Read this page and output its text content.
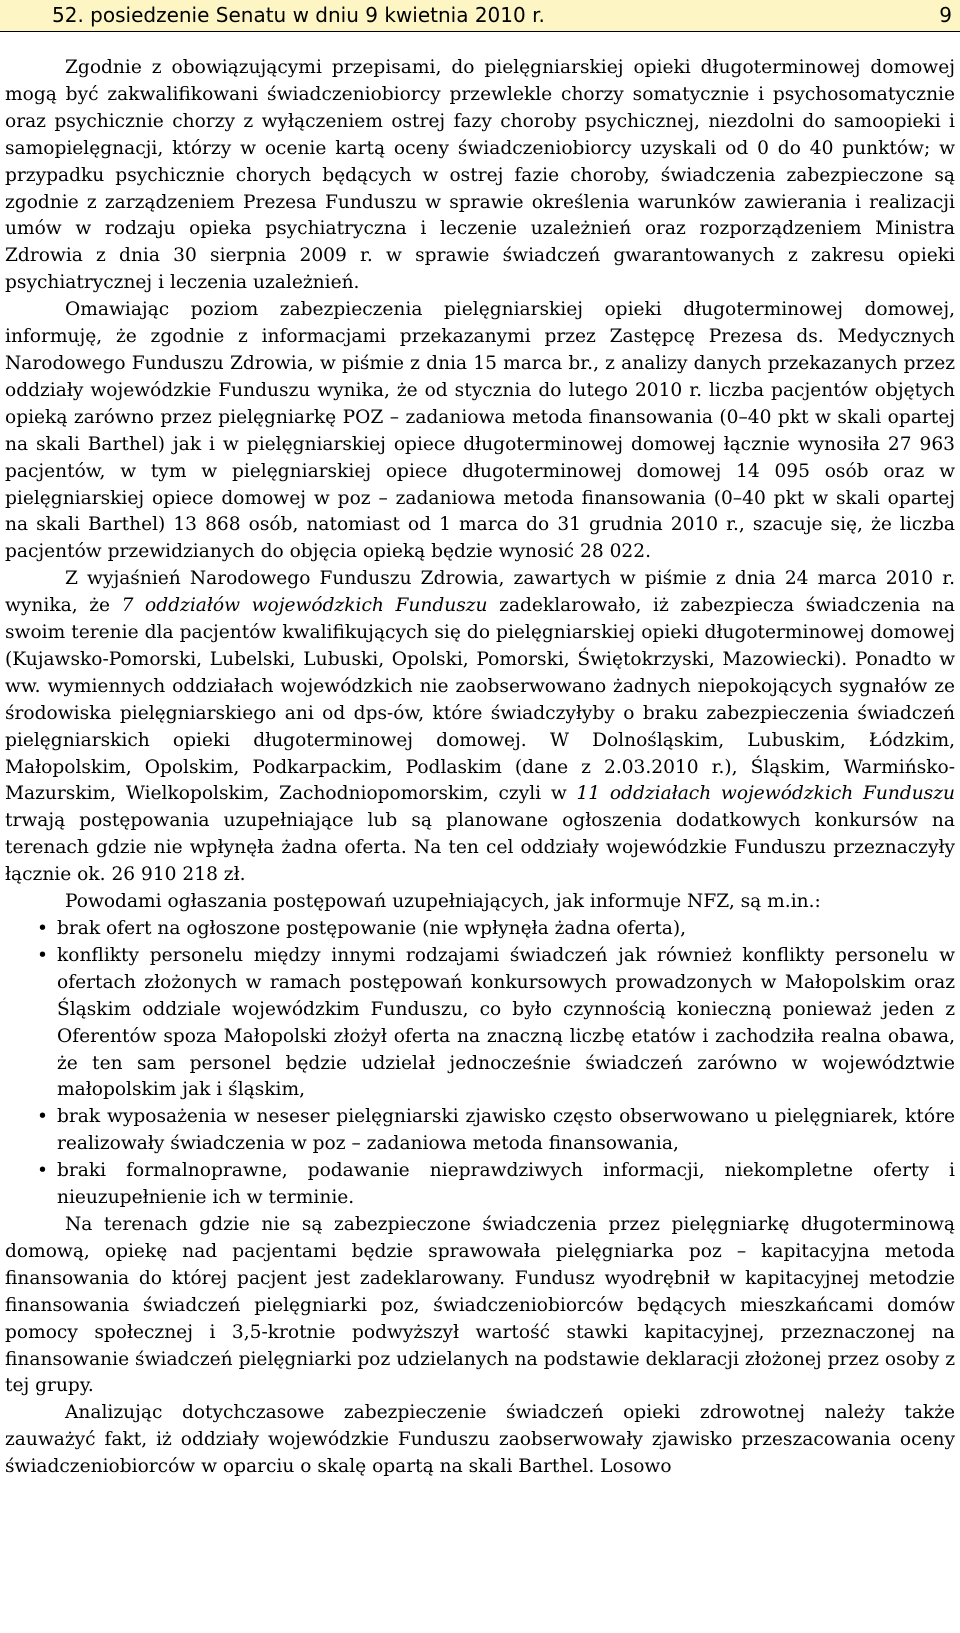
52. posiedzenie Senatu w dniu 9 kwietnia 2010 r.	9

Zgodnie z obowiązującymi przepisami, do pielęgniarskiej opieki długoterminowej domowej mogą być zakwalifikowani świadczeniobiorcy przewlekle chorzy somatycznie i psychosomatycznie oraz psychicznie chorzy z wyłączeniem ostrej fazy choroby psychicznej, niezdolni do samoopieki i samopielęgnacji, którzy w ocenie kartą oceny świadczeniobiorcy uzyskali od 0 do 40 punktów; w przypadku psychicznie chorych będących w ostrej fazie choroby, świadczenia zabezpieczone są zgodnie z zarządzeniem Prezesa Funduszu w sprawie określenia warunków zawierania i realizacji umów w rodzaju opieka psychiatryczna i leczenie uzależnień oraz rozporządzeniem Ministra Zdrowia z dnia 30 sierpnia 2009 r. w sprawie świadczeń gwarantowanych z zakresu opieki psychiatrycznej i leczenia uzależnień.

Omawiając poziom zabezpieczenia pielęgniarskiej opieki długoterminowej domowej, informuję, że zgodnie z informacjami przekazanymi przez Zastępcę Prezesa ds. Medycznych Narodowego Funduszu Zdrowia, w piśmie z dnia 15 marca br., z analizy danych przekazanych przez oddziały wojewódzkie Funduszu wynika, że od stycznia do lutego 2010 r. liczba pacjentów objętych opieką zarówno przez pielęgniarkę POZ – zadaniowa metoda finansowania (0–40 pkt w skali opartej na skali Barthel) jak i w pielęgniarskiej opiece długoterminowej domowej łącznie wynosiła 27 963 pacjentów, w tym w pielęgniarskiej opiece długoterminowej domowej 14 095 osób oraz w pielęgniarskiej opiece domowej w poz – zadaniowa metoda finansowania (0–40 pkt w skali opartej na skali Barthel) 13 868 osób, natomiast od 1 marca do 31 grudnia 2010 r., szacuje się, że liczba pacjentów przewidzianych do objęcia opieką będzie wynosić 28 022.

Z wyjaśnień Narodowego Funduszu Zdrowia, zawartych w piśmie z dnia 24 marca 2010 r. wynika, że 7 oddziałów wojewódzkich Funduszu zadeklarowało, iż zabezpiecza świadczenia na swoim terenie dla pacjentów kwalifikujących się do pielęgniarskiej opieki długoterminowej domowej (Kujawsko-Pomorski, Lubelski, Lubuski, Opolski, Pomorski, Świętokrzyski, Mazowiecki). Ponadto w ww. wymiennych oddziałach wojewódzkich nie zaobserwowano żadnych niepokojących sygnałów ze środowiska pielęgniarskiego ani od dps-ów, które świadczyłyby o braku zabezpieczenia świadczeń pielęgniarskich opieki długoterminowej domowej. W Dolnośląskim, Lubuskim, Łódzkim, Małopolskim, Opolskim, Podkarpackim, Podlaskim (dane z 2.03.2010 r.), Śląskim, Warmińsko-Mazurskim, Wielkopolskim, Zachodniopomorskim, czyli w 11 oddziałach wojewódzkich Funduszu trwają postępowania uzupełniające lub są planowane ogłoszenia dodatkowych konkursów na terenach gdzie nie wpłynęła żadna oferta. Na ten cel oddziały wojewódzkie Funduszu przeznaczyły łącznie ok. 26 910 218 zł.

Powodami ogłaszania postępowań uzupełniających, jak informuje NFZ, są m.in.:

• brak ofert na ogłoszone postępowanie (nie wpłynęła żadna oferta),
• konflikty personelu między innymi rodzajami świadczeń jak również konflikty personelu w ofertach złożonych w ramach postępowań konkursowych prowadzonych w Małopolskim oraz Śląskim oddziale wojewódzkim Funduszu, co było czynnością konieczną ponieważ jeden z Oferentów spoza Małopolski złożył oferta na znaczną liczbę etatów i zachodziła realna obawa, że ten sam personel będzie udzielał jednocześnie świadczeń zarówno w województwie małopolskim jak i śląskim,
• brak wyposażenia w neseser pielęgniarski zjawisko często obserwowano u pielęgniarek, które realizowały świadczenia w poz – zadaniowa metoda finansowania,
• braki formalnoprawne, podawanie nieprawdziwych informacji, niekompletne oferty i nieuzupełnienie ich w terminie.

Na terenach gdzie nie są zabezpieczone świadczenia przez pielęgniarkę długoterminową domową, opiekę nad pacjentami będzie sprawowała pielęgniarka poz – kapitacyjna metoda finansowania do której pacjent jest zadeklarowany. Fundusz wyodrębnił w kapitacyjnej metodzie finansowania świadczeń pielęgniarki poz, świadczeniobiorców będących mieszkańcami domów pomocy społecznej i 3,5-krotnie podwyższył wartość stawki kapitacyjnej, przeznaczonej na finansowanie świadczeń pielęgniarki poz udzielanych na podstawie deklaracji złożonej przez osoby z tej grupy.

Analizując dotychczasowe zabezpieczenie świadczeń opieki zdrowotnej należy także zauważyć fakt, iż oddziały wojewódzkie Funduszu zaobserwowały zjawisko przeszacowania oceny świadczeniobiorców w oparciu o skalę opartą na skali Barthel. Losowo
